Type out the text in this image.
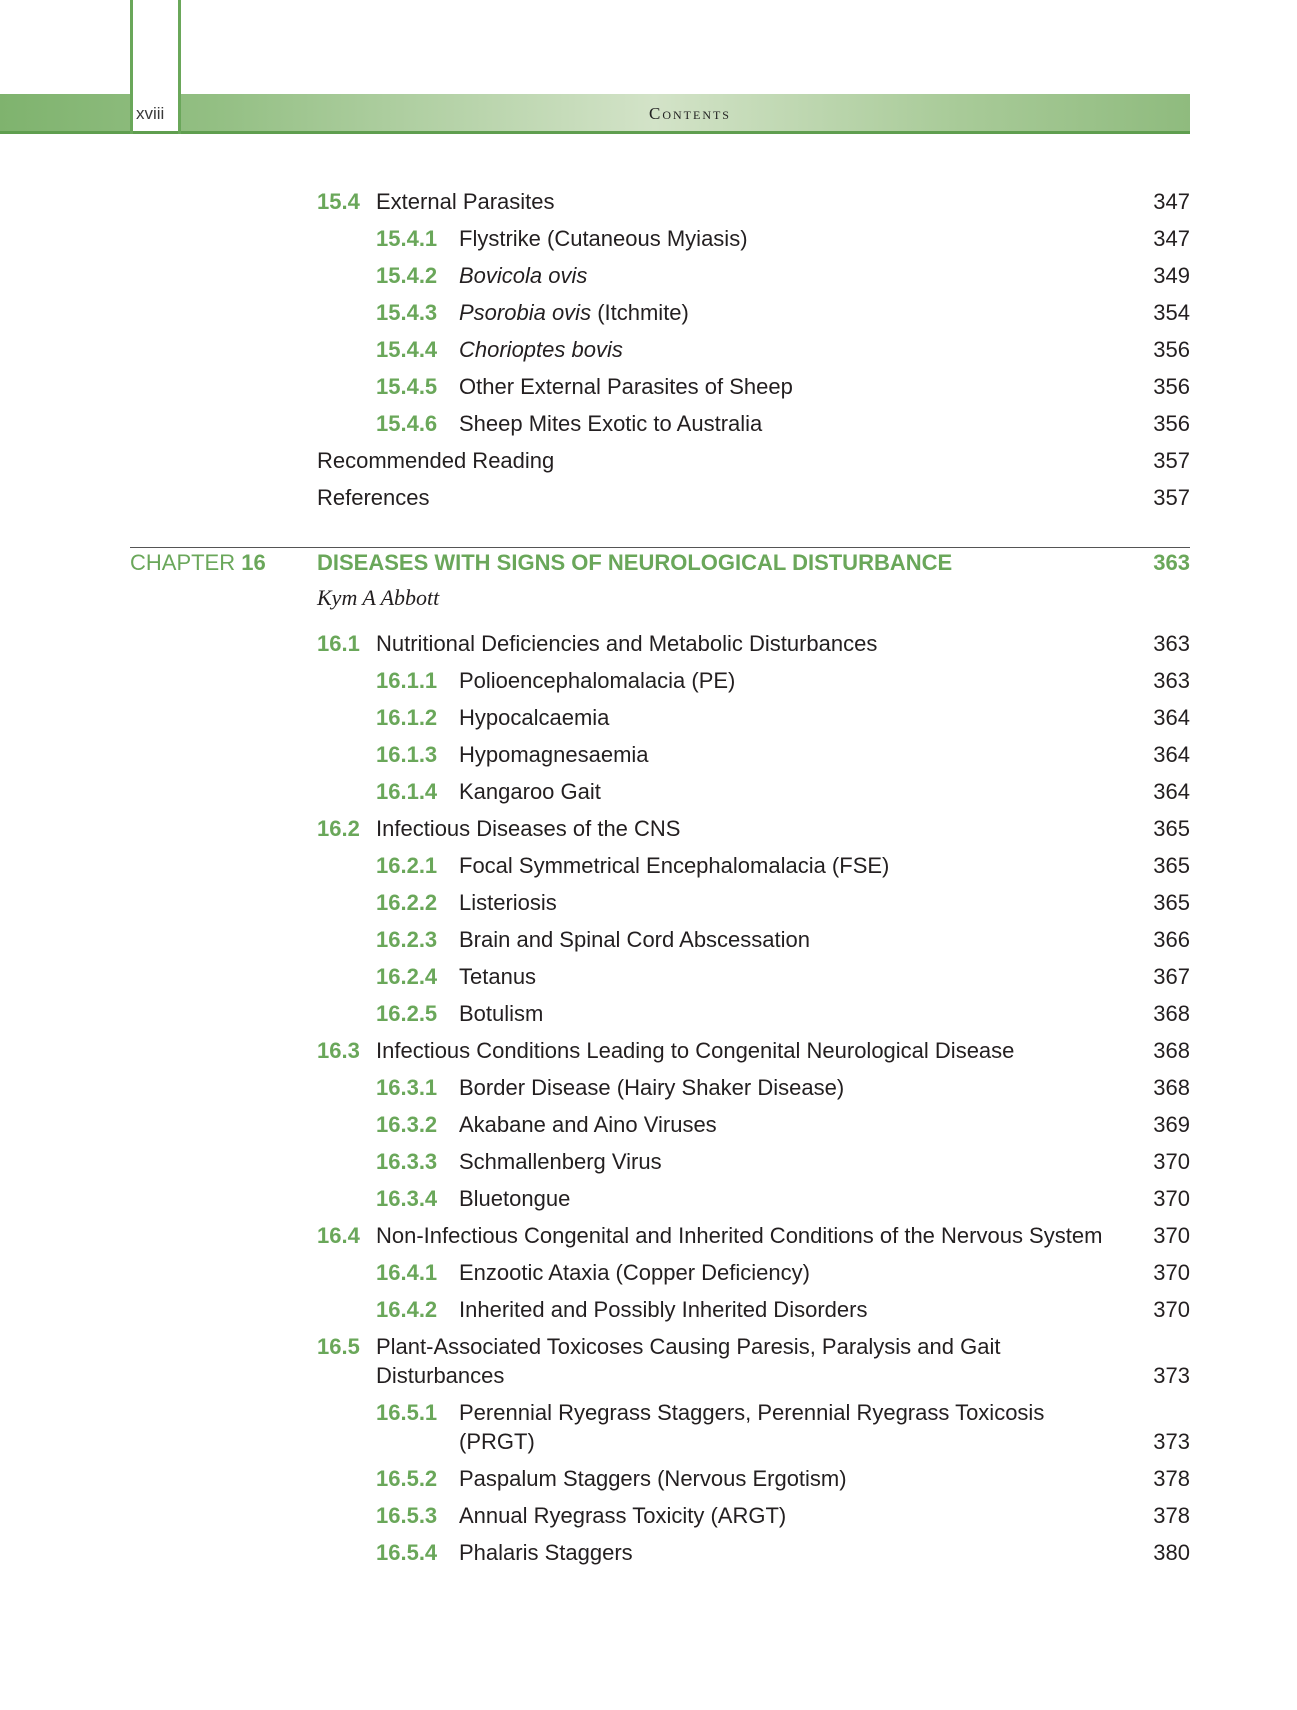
xviii	Contents
15.4 External Parasites	347
15.4.1 Flystrike (Cutaneous Myiasis)	347
15.4.2 Bovicola ovis	349
15.4.3 Psorobia ovis (Itchmite)	354
15.4.4 Chorioptes bovis	356
15.4.5 Other External Parasites of Sheep	356
15.4.6 Sheep Mites Exotic to Australia	356
Recommended Reading	357
References	357
CHAPTER 16 DISEASES WITH SIGNS OF NEUROLOGICAL DISTURBANCE	363
Kym A Abbott
16.1 Nutritional Deficiencies and Metabolic Disturbances	363
16.1.1 Polioencephalomalacia (PE)	363
16.1.2 Hypocalcaemia	364
16.1.3 Hypomagnesaemia	364
16.1.4 Kangaroo Gait	364
16.2 Infectious Diseases of the CNS	365
16.2.1 Focal Symmetrical Encephalomalacia (FSE)	365
16.2.2 Listeriosis	365
16.2.3 Brain and Spinal Cord Abscessation	366
16.2.4 Tetanus	367
16.2.5 Botulism	368
16.3 Infectious Conditions Leading to Congenital Neurological Disease	368
16.3.1 Border Disease (Hairy Shaker Disease)	368
16.3.2 Akabane and Aino Viruses	369
16.3.3 Schmallenberg Virus	370
16.3.4 Bluetongue	370
16.4 Non-Infectious Congenital and Inherited Conditions of the Nervous System 370
16.4.1 Enzootic Ataxia (Copper Deficiency)	370
16.4.2 Inherited and Possibly Inherited Disorders	370
16.5 Plant-Associated Toxicoses Causing Paresis, Paralysis and Gait
Disturbances	373
16.5.1 Perennial Ryegrass Staggers, Perennial Ryegrass Toxicosis
(PRGT)	373
16.5.2 Paspalum Staggers (Nervous Ergotism)	378
16.5.3 Annual Ryegrass Toxicity (ARGT)	378
16.5.4 Phalaris Staggers	380
